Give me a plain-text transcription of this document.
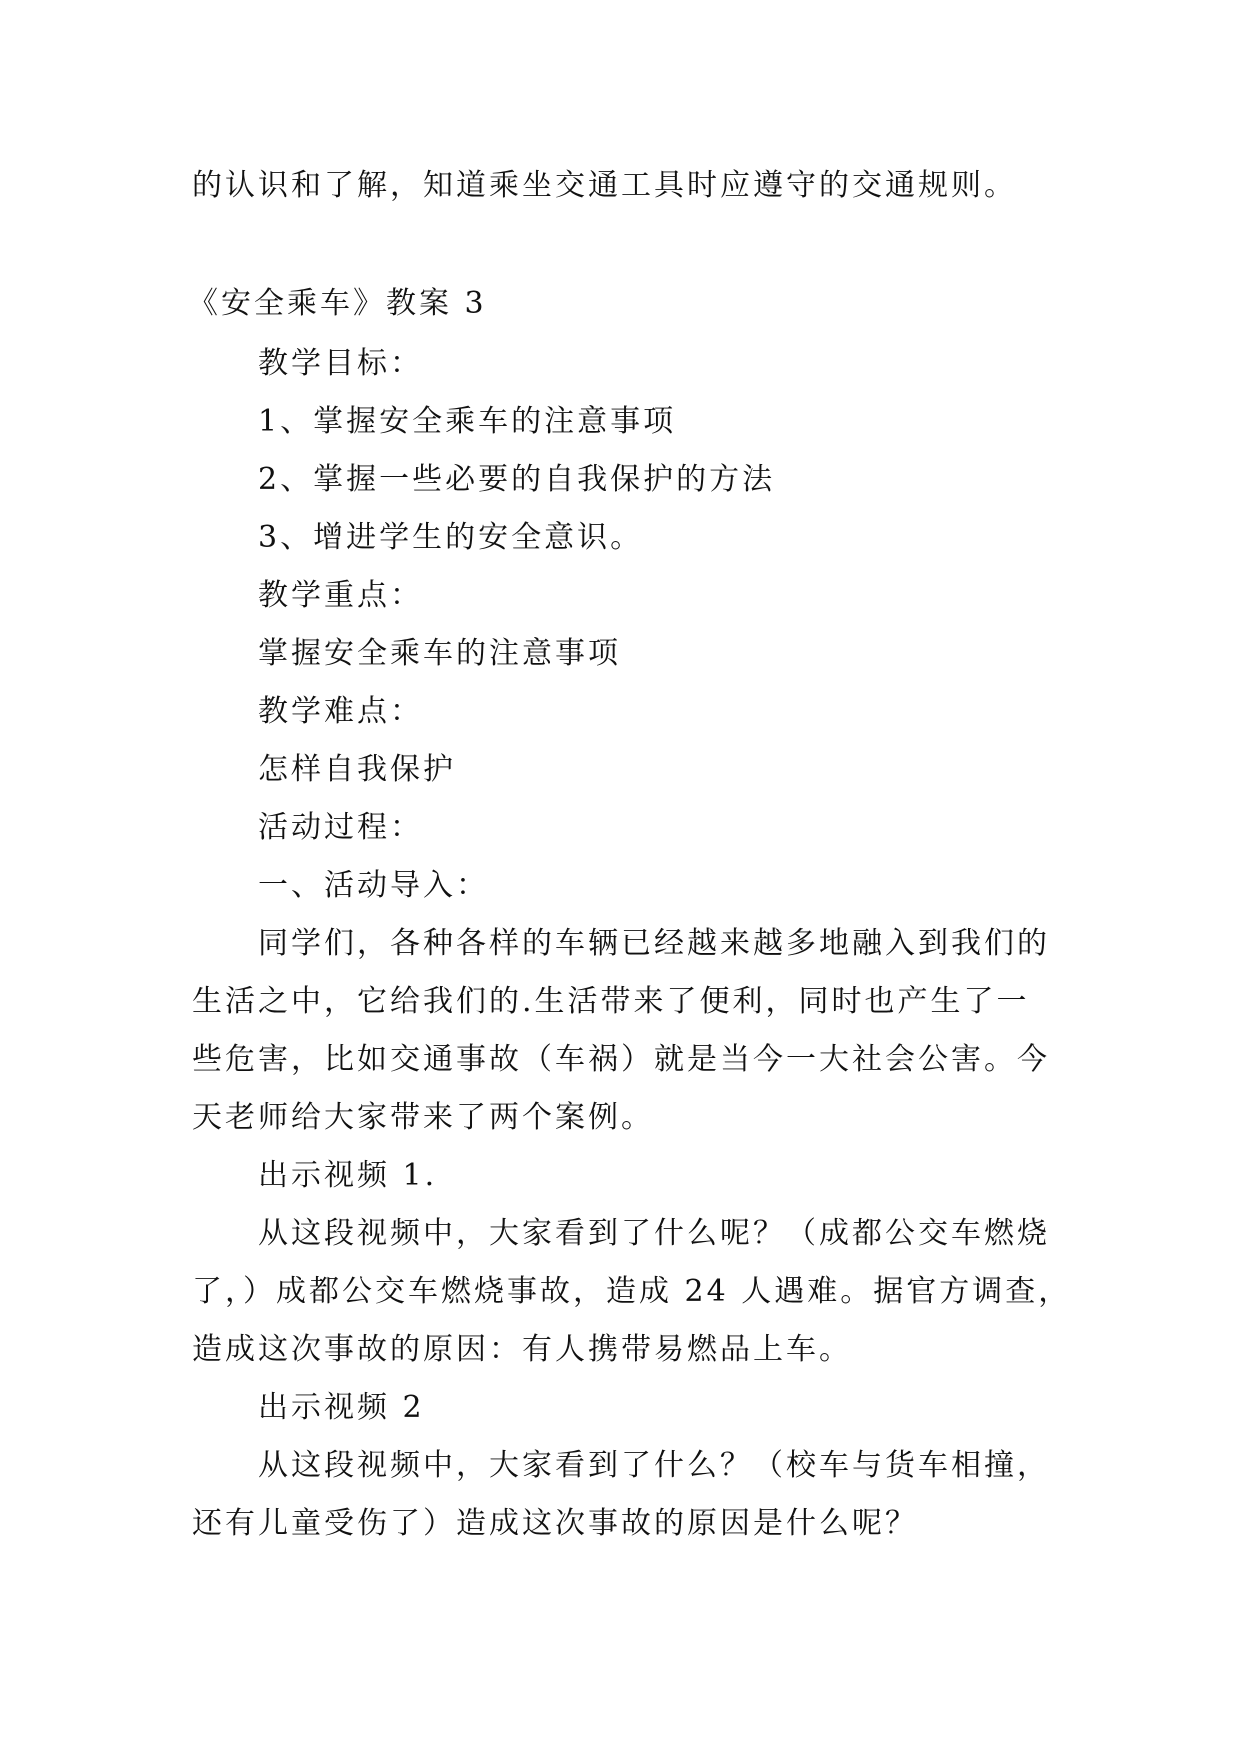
的认识和了解，知道乘坐交通工具时应遵守的交通规则。
《安全乘车》教案 3
教学目标：
1、掌握安全乘车的注意事项
2、掌握一些必要的自我保护的方法
3、增进学生的安全意识。
教学重点：
掌握安全乘车的注意事项
教学难点：
怎样自我保护
活动过程：
一、活动导入：
同学们，各种各样的车辆已经越来越多地融入到我们的
生活之中，它给我们的.生活带来了便利，同时也产生了一
些危害，比如交通事故（车祸）就是当今一大社会公害。今
天老师给大家带来了两个案例。
出示视频 1.
从这段视频中，大家看到了什么呢？（成都公交车燃烧
了，）成都公交车燃烧事故，造成 24 人遇难。据官方调查，
造成这次事故的原因：有人携带易燃品上车。
出示视频 2
从这段视频中，大家看到了什么？（校车与货车相撞，
还有儿童受伤了）造成这次事故的原因是什么呢？
